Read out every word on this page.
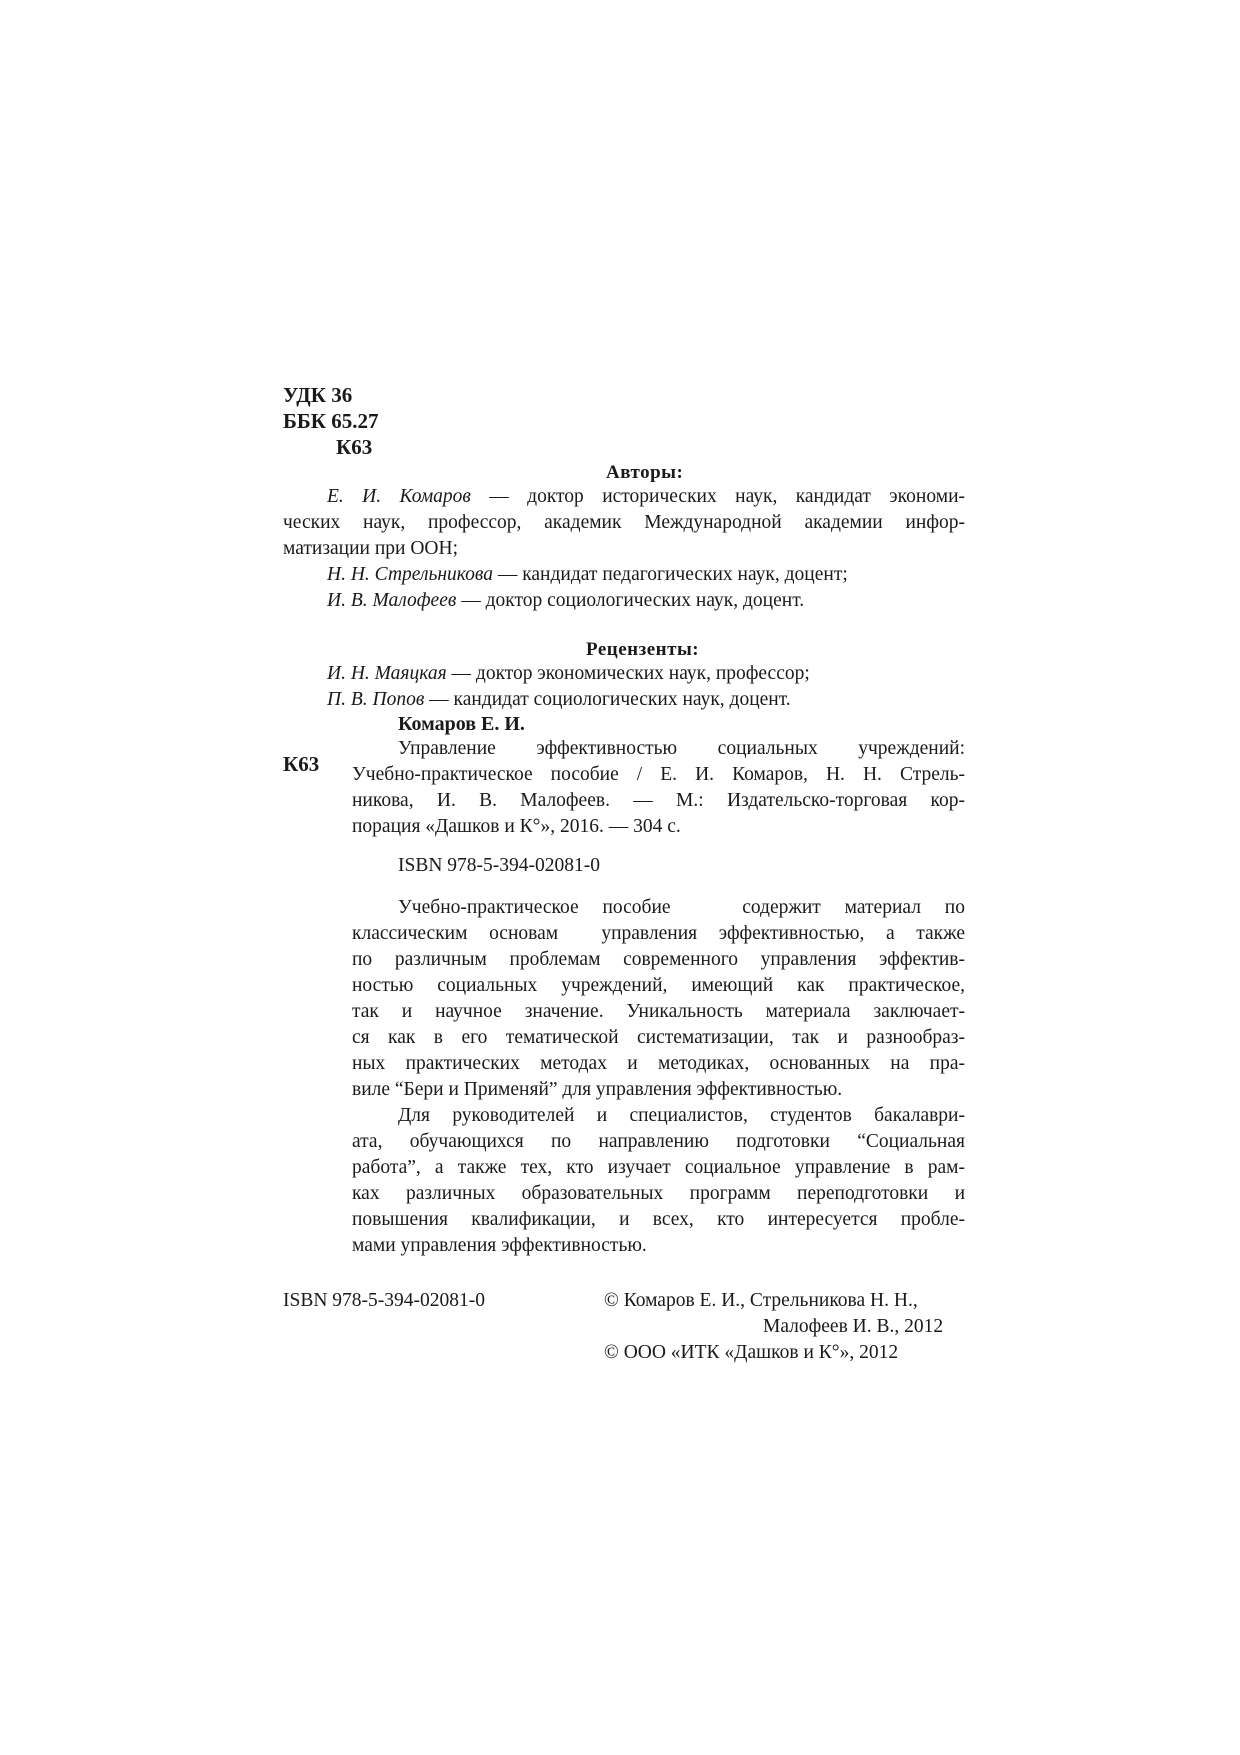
УДК 36
ББК 65.27
К63
Авторы:
Е. И. Комаров — доктор исторических наук, кандидат экономи-
ческих наук, профессор, академик Международной академии инфор-
матизации при ООН;
Н. Н. Стрельникова — кандидат педагогических наук, доцент;
И. В. Малофеев — доктор социологических наук, доцент.
Рецензенты:
И. Н. Маяцкая — доктор экономических наук, профессор;
П. В. Попов — кандидат социологических наук, доцент.
Комаров Е. И.
К63
Управление эффективностью социальных учреждений:
Учебно-практическое пособие / Е. И. Комаров, Н. Н. Стрель-
никова, И. В. Малофеев. — М.: Издательско-торговая кор-
порация «Дашков и К°», 2016. — 304 с.
ISBN 978-5-394-02081-0
Учебно-практическое пособие   содержит материал по
классическим основам  управления эффективностью, а также
по различным проблемам современного управления эффектив-
ностью социальных учреждений, имеющий как практическое,
так и научное значение. Уникальность материала заключает-
ся как в его тематической систематизации, так и разнообраз-
ных практических методах и методиках, основанных на пра-
виле “Бери и Применяй” для управления эффективностью.
Для руководителей и специалистов, студентов бакалаври-
ата, обучающихся по направлению подготовки “Социальная
работа”, а также тех, кто изучает социальное управление в рам-
ках различных образовательных программ переподготовки и
повышения квалификации, и всех, кто интересуется пробле-
мами управления эффективностью.
ISBN 978-5-394-02081-0	© Комаров Е. И., Стрельникова Н. Н.,
Малофеев И. В., 2012
© ООО «ИТК «Дашков и К°», 2012
